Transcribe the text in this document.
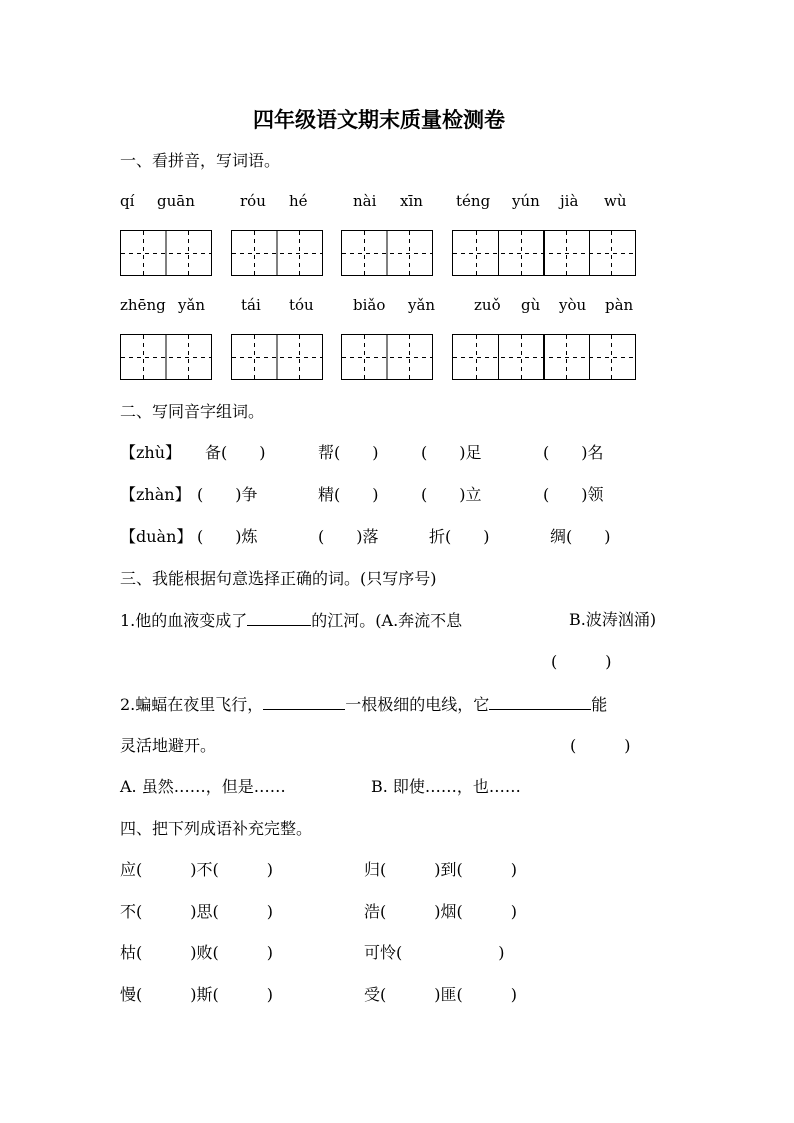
四年级语文期末质量检测卷
一、看拼音，写词语。
qí guān	róu hé	nài xīn téng yún jià wù
zhēng yǎn tái tóu	biǎo yǎn	zuǒ gù yòu pàn
二、写同音字组词。
【zhù】 备(　　)	帮(　　)	(　　)足	(　　)名
【zhàn】 (　　)争	精(　　)	(　　)立	(　　)领
【duàn】 (　　)炼	(　　)落	折(　　)	绸(　　)
三、我能根据句意选择正确的词。(只写序号)
1.他的血液变成了	的江河。(A.奔流不息	B.波涛汹涌)
(　　　)
2.蝙蝠在夜里飞行，	一根极细的电线，它	能
灵活地避开。	(　　　)
A. 虽然……，但是……	B. 即使……，也……
四、把下列成语补充完整。
应(　　　)不(　　　)	归(　　　)到(　　　)
不(　　　)思(　　　)	浩(　　　)烟(　　　)
枯(　　　)败(　　　)	可怜(　　　　　　)
慢(　　　)斯(　　　)	受(　　　)匪(　　　)
